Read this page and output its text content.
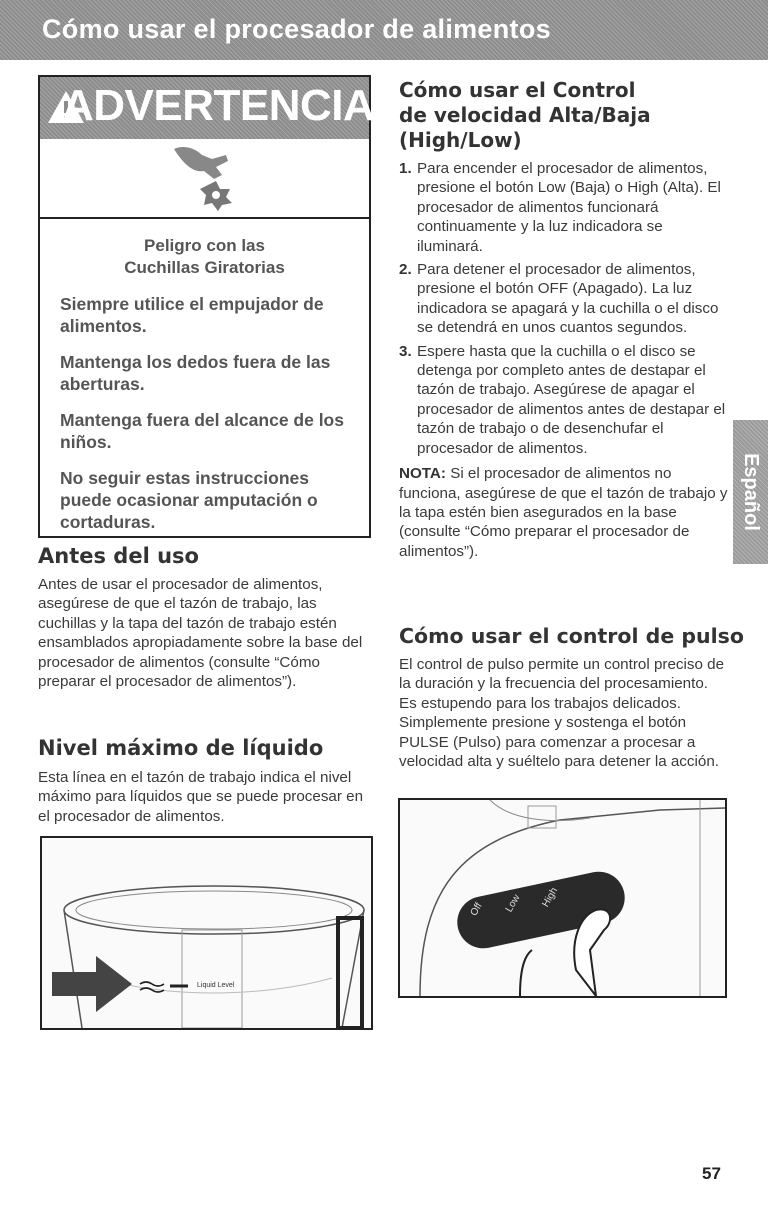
Cómo usar el procesador de alimentos
Español
ADVERTENCIA
Peligro con las
Cuchillas Giratorias
Siempre utilice el empujador de alimentos.
Mantenga los dedos fuera de las aberturas.
Mantenga fuera del alcance de los niños.
No seguir estas instrucciones puede ocasionar amputación o cortaduras.
Antes del uso
Antes de usar el procesador de alimentos, asegúrese de que el tazón de trabajo, las cuchillas y la tapa del tazón de trabajo estén ensamblados apropiadamente sobre la base del procesador de alimentos (consulte “Cómo preparar el procesador de alimentos”).
Nivel máximo de líquido
Esta línea en el tazón de trabajo indica el nivel máximo para líquidos que se puede procesar en el procesador de alimentos.
Liquid Level
Cómo usar el Control
de velocidad Alta/Baja
(High/Low)
1. Para encender el procesador de alimentos, presione el botón Low (Baja) o High (Alta). El procesador de alimentos funcionará continuamente y la luz indicadora se iluminará.
2. Para detener el procesador de alimentos, presione el botón OFF (Apagado). La luz indicadora se apagará y la cuchilla o el disco se detendrá en unos cuantos segundos.
3. Espere hasta que la cuchilla o el disco se detenga por completo antes de destapar el tazón de trabajo. Asegúrese de apagar el procesador de alimentos antes de destapar el tazón de trabajo o de desenchufar el procesador de alimentos.

NOTA: Si el procesador de alimentos no funciona, asegúrese de que el tazón de trabajo y la tapa estén bien asegurados en la base (consulte “Cómo preparar el procesador de alimentos”).

Cómo usar el control de pulso
El control de pulso permite un control preciso de la duración y la frecuencia del procesamiento. Es estupendo para los trabajos delicados. Simplemente presione y sostenga el botón PULSE (Pulso) para comenzar a procesar a velocidad alta y suéltelo para detener la acción.
Off Low High
57
